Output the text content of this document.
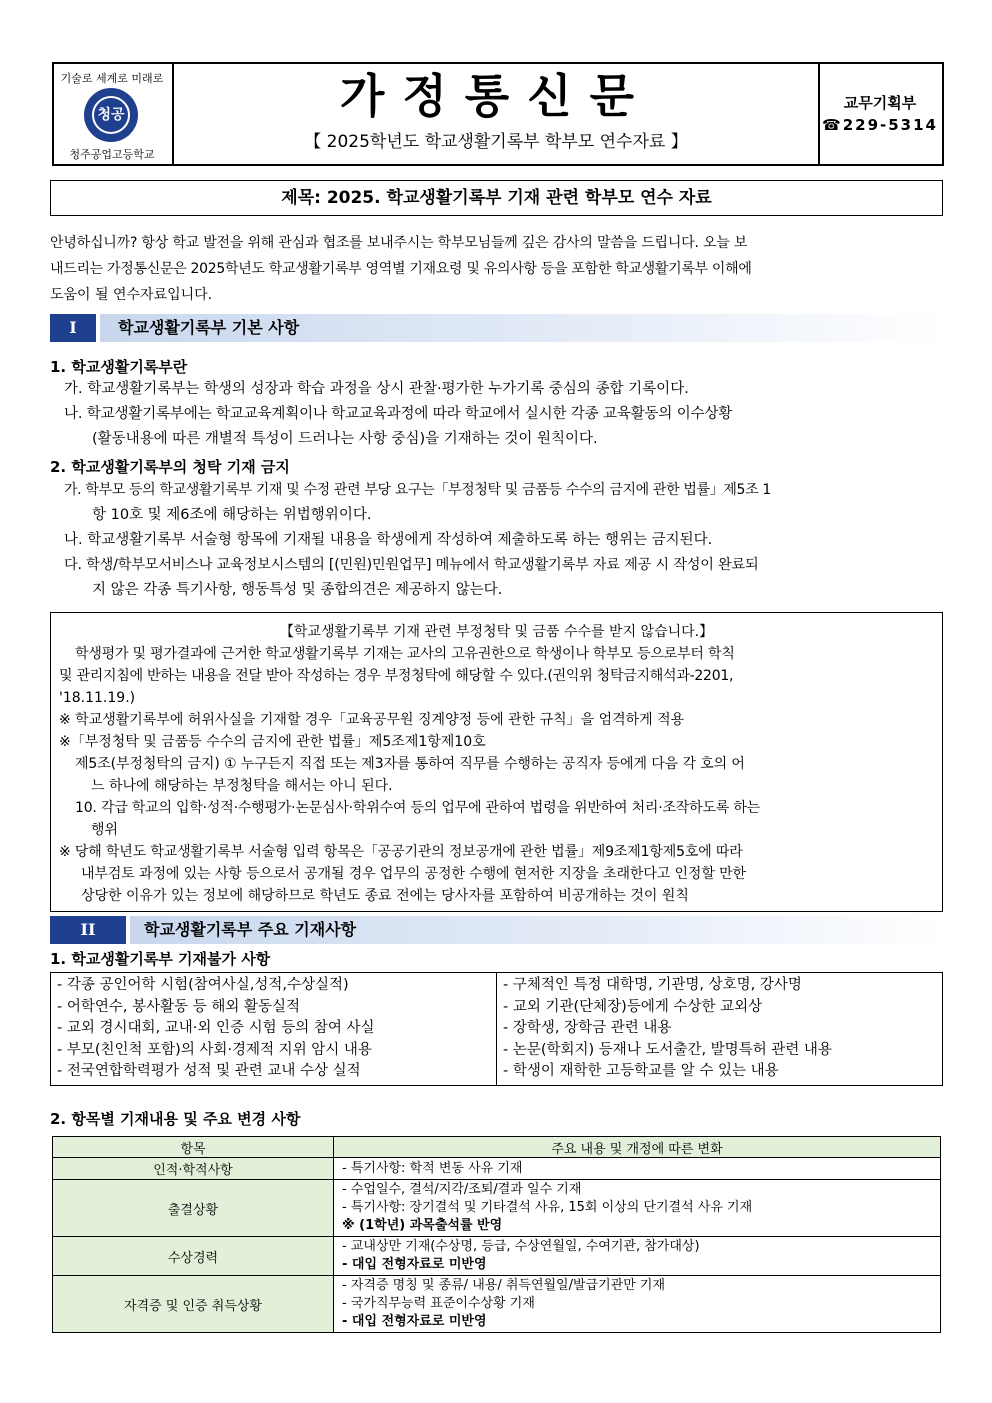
기술로 세계로 미래로
청공
청주공업고등학교
가정통신문
【 2025학년도 학교생활기록부 학부모 연수자료 】
교무기획부
☎229-5314
제목: 2025. 학교생활기록부 기재 관련 학부모 연수 자료
안녕하십니까? 항상 학교 발전을 위해 관심과 협조를 보내주시는 학부모님들께 깊은 감사의 말씀을 드립니다. 오늘 보
내드리는 가정통신문은 2025학년도 학교생활기록부 영역별 기재요령 및 유의사항 등을 포함한 학교생활기록부 이해에
도움이 될 연수자료입니다.
I	학교생활기록부 기본 사항
1. 학교생활기록부란
가. 학교생활기록부는 학생의 성장과 학습 과정을 상시 관찰·평가한 누가기록 중심의 종합 기록이다.
나. 학교생활기록부에는 학교교육계획이나 학교교육과정에 따라 학교에서 실시한 각종 교육활동의 이수상황
(활동내용에 따른 개별적 특성이 드러나는 사항 중심)을 기재하는 것이 원칙이다.
2. 학교생활기록부의 청탁 기재 금지
가. 학부모 등의 학교생활기록부 기재 및 수정 관련 부당 요구는「부정청탁 및 금품등 수수의 금지에 관한 법률」제5조 1
항 10호 및 제6조에 해당하는 위법행위이다.
나. 학교생활기록부 서술형 항목에 기재될 내용을 학생에게 작성하여 제출하도록 하는 행위는 금지된다.
다. 학생/학부모서비스나 교육정보시스템의 [(민원)민원업무] 메뉴에서 학교생활기록부 자료 제공 시 작성이 완료되
지 않은 각종 특기사항, 행동특성 및 종합의견은 제공하지 않는다.
【학교생활기록부 기재 관련 부정청탁 및 금품 수수를 받지 않습니다.】
학생평가 및 평가결과에 근거한 학교생활기록부 기재는 교사의 고유권한으로 학생이나 학부모 등으로부터 학칙
및 관리지침에 반하는 내용을 전달 받아 작성하는 경우 부정청탁에 해당할 수 있다.(권익위 청탁금지해석과-2201,
'18.11.19.)
※ 학교생활기록부에 허위사실을 기재할 경우「교육공무원 징계양정 등에 관한 규칙」을 엄격하게 적용
※「부정청탁 및 금품등 수수의 금지에 관한 법률」제5조제1항제10호
제5조(부정청탁의 금지) ① 누구든지 직접 또는 제3자를 통하여 직무를 수행하는 공직자 등에게 다음 각 호의 어
느 하나에 해당하는 부정청탁을 해서는 아니 된다.
10. 각급 학교의 입학·성적·수행평가·논문심사·학위수여 등의 업무에 관하여 법령을 위반하여 처리·조작하도록 하는
행위
※ 당해 학년도 학교생활기록부 서술형 입력 항목은「공공기관의 정보공개에 관한 법률」제9조제1항제5호에 따라
내부검토 과정에 있는 사항 등으로서 공개될 경우 업무의 공정한 수행에 현저한 지장을 초래한다고 인정할 만한
상당한 이유가 있는 정보에 해당하므로 학년도 종료 전에는 당사자를 포함하여 비공개하는 것이 원칙
II	학교생활기록부 주요 기재사항
1. 학교생활기록부 기재불가 사항
- 각종 공인어학 시험(참여사실,성적,수상실적)
- 어학연수, 봉사활동 등 해외 활동실적
- 교외 경시대회, 교내·외 인증 시험 등의 참여 사실
- 부모(친인척 포함)의 사회·경제적 지위 암시 내용
- 전국연합학력평가 성적 및 관련 교내 수상 실적

- 구체적인 특정 대학명, 기관명, 상호명, 강사명
- 교외 기관(단체장)등에게 수상한 교외상
- 장학생, 장학금 관련 내용
- 논문(학회지) 등재나 도서출간, 발명특허 관련 내용
- 학생이 재학한 고등학교를 알 수 있는 내용
2. 항목별 기재내용 및 주요 변경 사항
항목	주요 내용 및 개정에 따른 변화
인적·학적사항	- 특기사항: 학적 변동 사유 기재

출결상황	- 수업일수, 결석/지각/조퇴/결과 일수 기재
- 특기사항: 장기결석 및 기타결석 사유, 15회 이상의 단기결석 사유 기재
※ (1학년) 과목출석률 반영

수상경력	- 교내상만 기재(수상명, 등급, 수상연월일, 수여기관, 참가대상)
- 대입 전형자료로 미반영

자격증 및 인증 취득상황	- 자격증 명칭 및 종류/ 내용/ 취득연월일/발급기관만 기재
- 국가직무능력 표준이수상황 기재
- 대입 전형자료로 미반영
